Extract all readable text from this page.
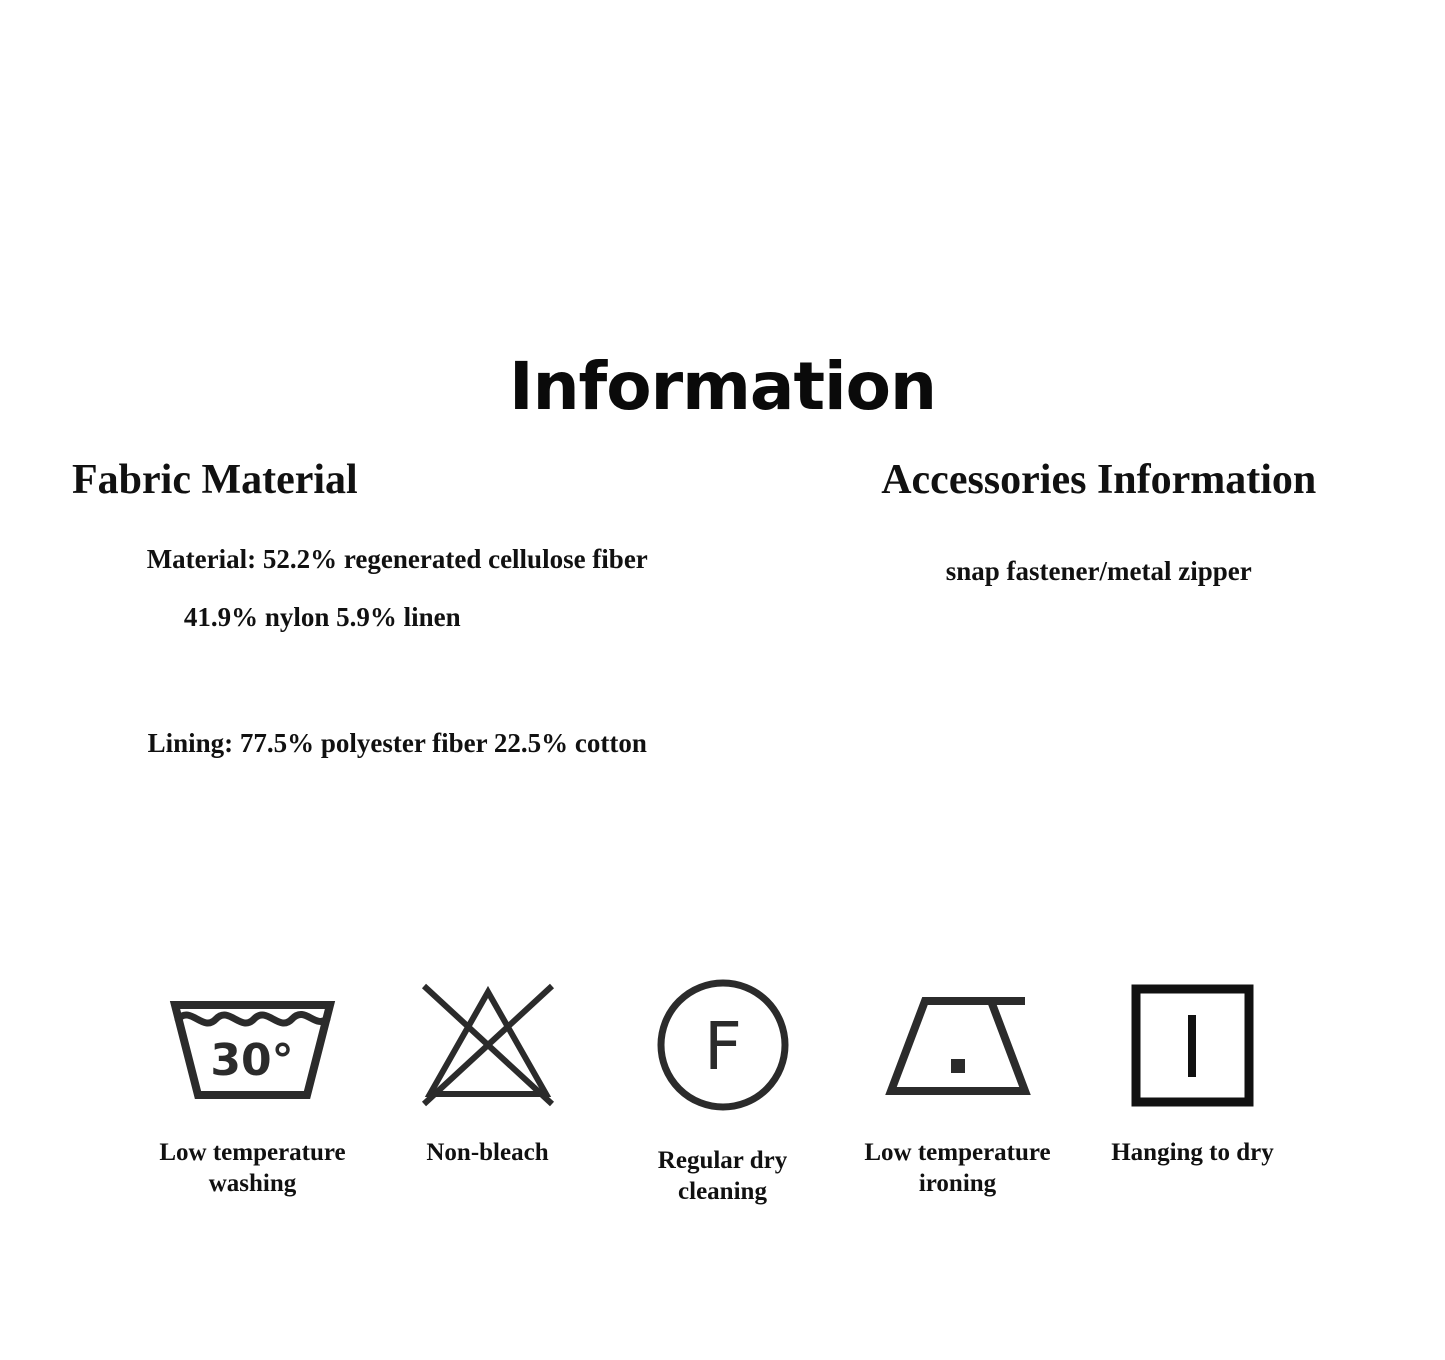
Information
Fabric Material
Material: 52.2% regenerated cellulose fiber
41.9% nylon 5.9% linen
Lining: 77.5% polyester fiber 22.5% cotton
Accessories Information
snap fastener/metal zipper
30°
Low temperature washing
Non-bleach
F
Regular dry cleaning
Low temperature ironing
Hanging to dry
